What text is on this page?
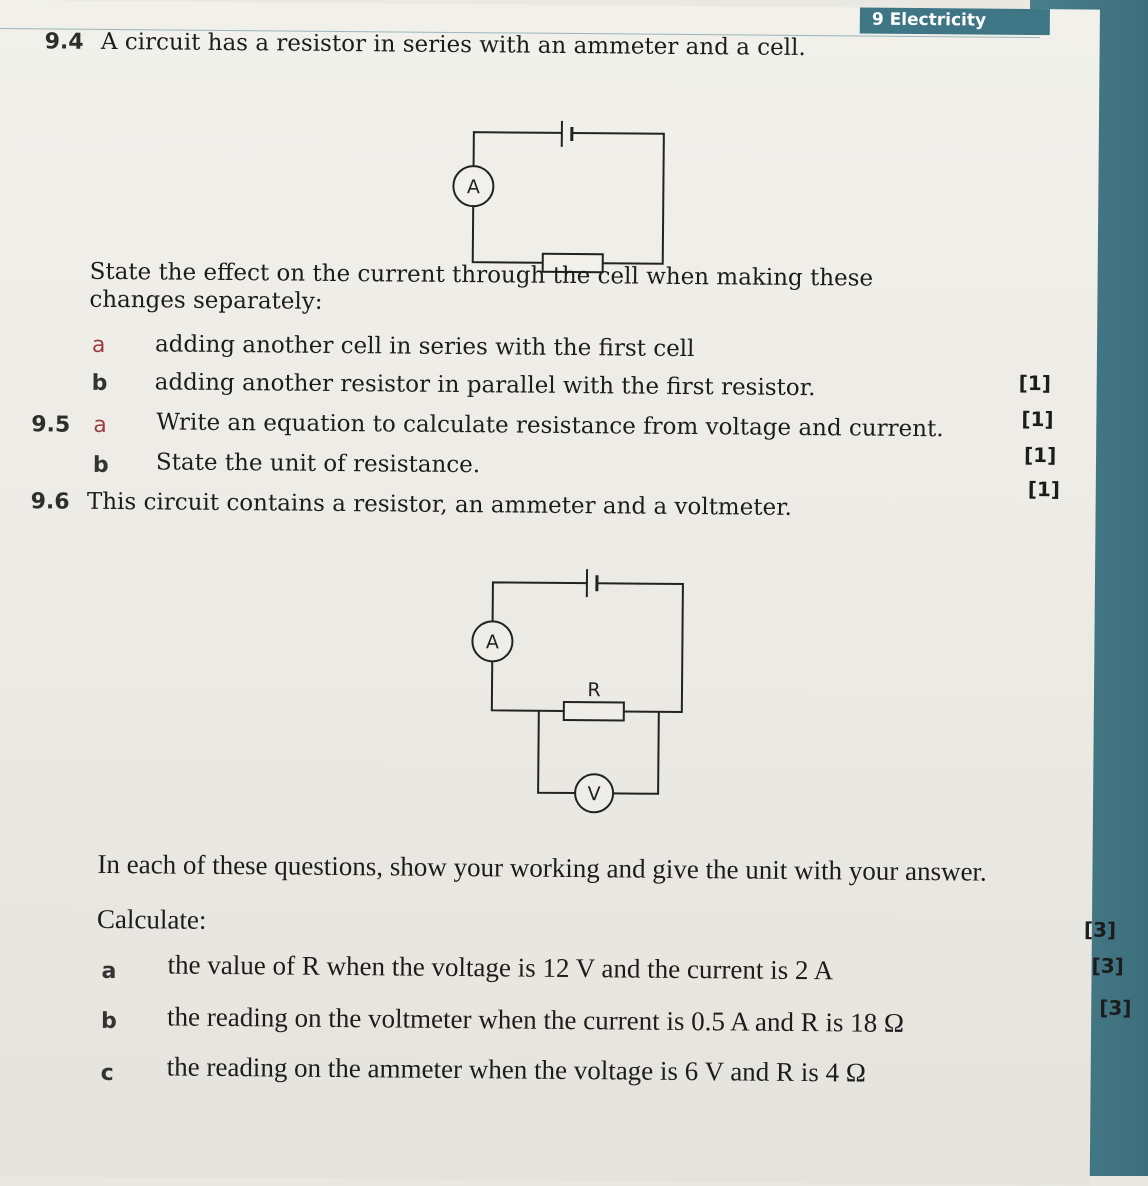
9 Electricity
9.4 A circuit has a resistor in series with an ammeter and a cell.
A
State the effect on the current through the cell when making these
changes separately:
a adding another cell in series with the first cell
[1]
b adding another resistor in parallel with the first resistor.
[1]
9.5 a Write an equation to calculate resistance from voltage and current.
[1]
b State the unit of resistance.
[1]
9.6 This circuit contains a resistor, an ammeter and a voltmeter.
A
R
V
In each of these questions, show your working and give the unit with your answer.
Calculate:
a the value of R when the voltage is 12 V and the current is 2 A
[3]
b the reading on the voltmeter when the current is 0.5 A and R is 18 Ω
[3]
c the reading on the ammeter when the voltage is 6 V and R is 4 Ω
[3]
